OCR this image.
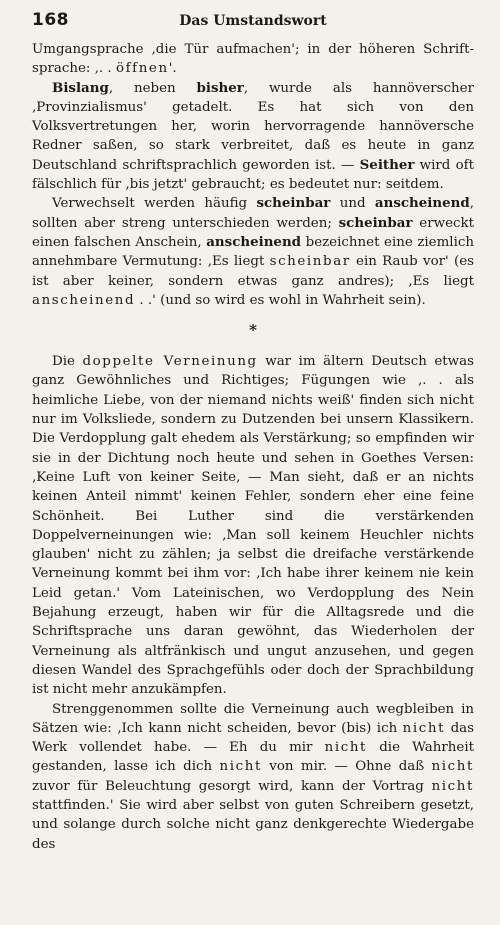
168	Das Umstandswort

Umgangsprache ‚die Tür aufmachen'; in der höheren Schrift-sprache: ‚. . öffnen'.

Bislang, neben bisher, wurde als hannöverscher ‚Provinzialismus' getadelt. Es hat sich von den Volksvertretungen her, worin hervorragende hannöversche Redner saßen, so stark verbreitet, daß es heute in ganz Deutschland schriftsprachlich geworden ist. — Seither wird oft fälschlich für ‚bis jetzt' gebraucht; es bedeutet nur: seitdem.

Verwechselt werden häufig scheinbar und anscheinend, sollten aber streng unterschieden werden; scheinbar erweckt einen falschen Anschein, anscheinend bezeichnet eine ziemlich annehmbare Vermutung: ‚Es liegt scheinbar ein Raub vor' (es ist aber keiner, sondern etwas ganz andres); ‚Es liegt anscheinend . .' (und so wird es wohl in Wahrheit sein).

*

Die doppelte Verneinung war im ältern Deutsch etwas ganz Gewöhnliches und Richtiges; Fügungen wie ‚. . als heimliche Liebe, von der niemand nichts weiß' finden sich nicht nur im Volksliede, sondern zu Dutzenden bei unsern Klassikern. Die Verdopplung galt ehedem als Verstärkung; so empfinden wir sie in der Dichtung noch heute und sehen in Goethes Versen: ‚Keine Luft von keiner Seite, — Man sieht, daß er an nichts keinen Anteil nimmt' keinen Fehler, sondern eher eine feine Schönheit. Bei Luther sind die verstärkenden Doppelverneinungen wie: ‚Man soll keinem Heuchler nichts glauben' nicht zu zählen; ja selbst die dreifache verstärkende Verneinung kommt bei ihm vor: ‚Ich habe ihrer keinem nie kein Leid getan.' Vom Lateinischen, wo Verdopplung des Nein Bejahung erzeugt, haben wir für die Alltagsrede und die Schriftsprache uns daran gewöhnt, das Wiederholen der Verneinung als altfränkisch und ungut anzusehen, und gegen diesen Wandel des Sprachgefühls oder doch der Sprachbildung ist nicht mehr anzukämpfen.

Strenggenommen sollte die Verneinung auch wegbleiben in Sätzen wie: ‚Ich kann nicht scheiden, bevor (bis) ich nicht das Werk vollendet habe. — Eh du mir nicht die Wahrheit gestanden, lasse ich dich nicht von mir. — Ohne daß nicht zuvor für Beleuchtung gesorgt wird, kann der Vortrag nicht stattfinden.' Sie wird aber selbst von guten Schreibern gesetzt, und solange durch solche nicht ganz denkgerechte Wiedergabe des
